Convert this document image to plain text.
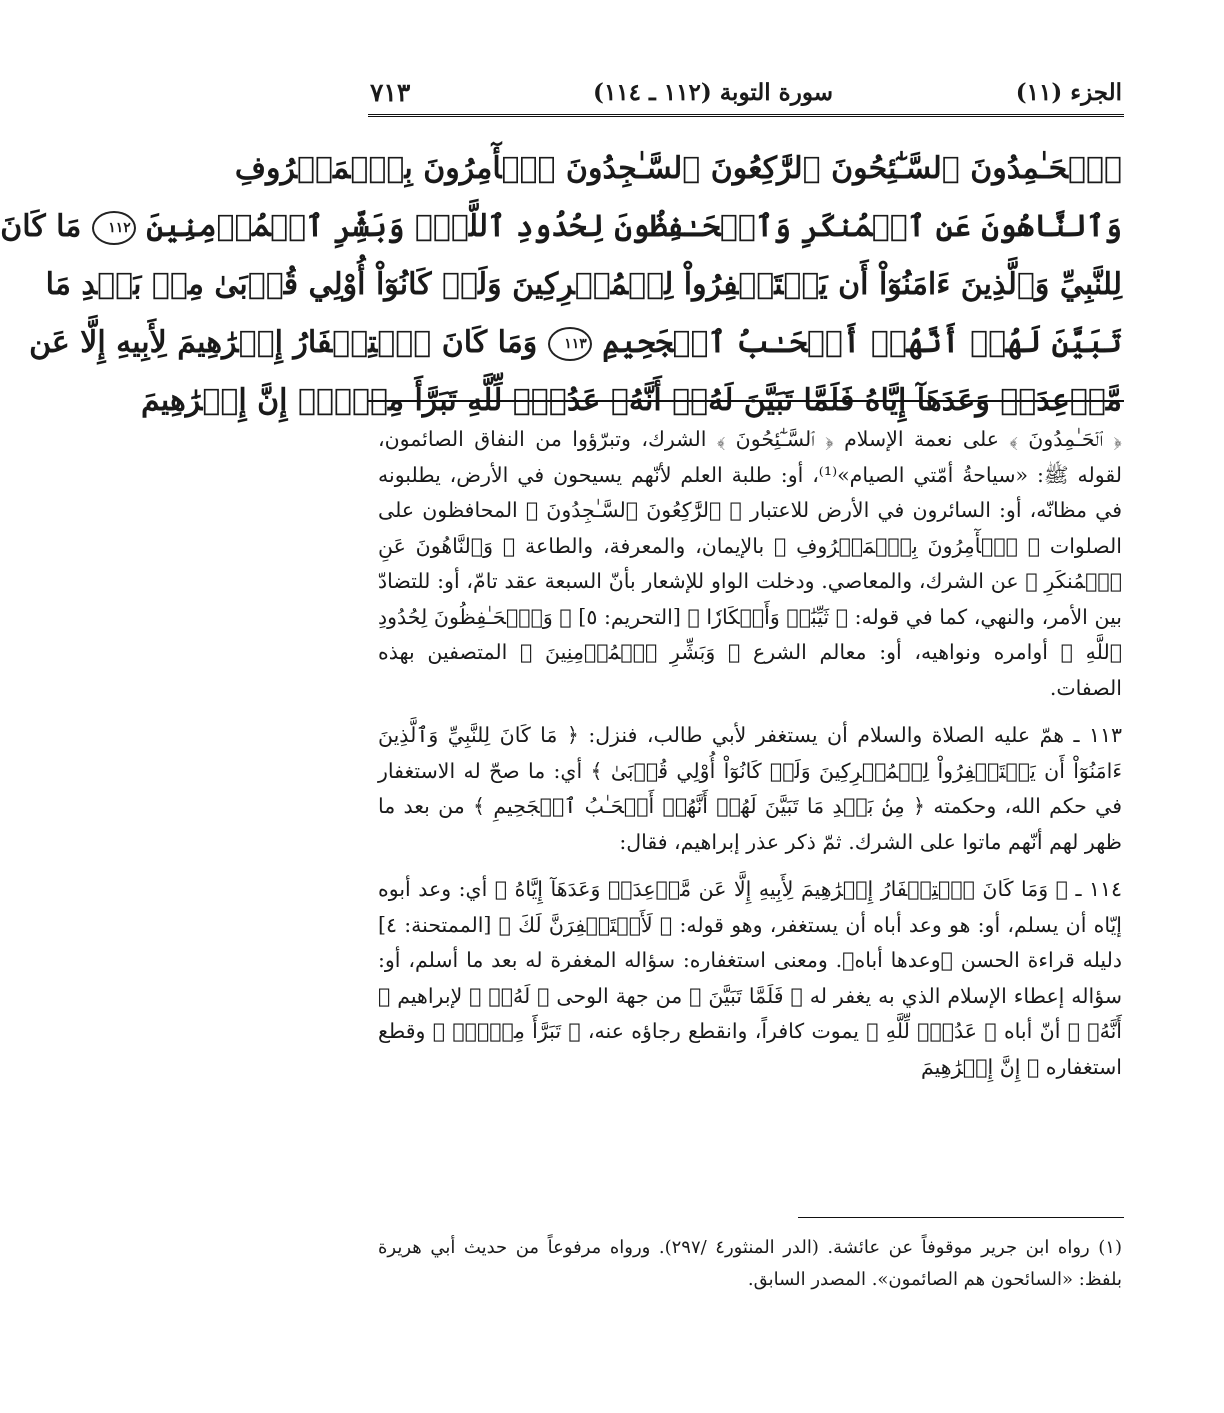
الجزء (١١)
سورة التوبة (١١٢ ـ ١١٤)
٧١٣
ٱلۡحَـٰمِدُونَ ٱلسَّـٰٓئِحُونَ ٱلرَّٰكِعُونَ ٱلسَّـٰجِدُونَ ٱلۡأٓمِرُونَ بِٱلۡمَعۡرُوفِ
وَٱلنَّاهُونَ عَنِ ٱلۡمُنكَرِ وَٱلۡحَـٰفِظُونَ لِحُدُودِ ٱللَّهِۗ وَبَشِّرِ ٱلۡمُؤۡمِنِينَ ١١٢ مَا كَانَ
لِلنَّبِيِّ وَٱلَّذِينَ ءَامَنُوٓاْ أَن يَسۡتَغۡفِرُواْ لِلۡمُشۡرِكِينَ وَلَوۡ كَانُوٓاْ أُوْلِي قُرۡبَىٰ مِنۢ بَعۡدِ مَا
تَبَيَّنَ لَهُمۡ أَنَّهُمۡ أَصۡحَـٰبُ ٱلۡجَحِيمِ ١١٣ وَمَا كَانَ ٱسۡتِغۡفَارُ إِبۡرَٰهِيمَ لِأَبِيهِ إِلَّا عَن
مَّوۡعِدَةٖ وَعَدَهَآ إِيَّاهُ فَلَمَّا تَبَيَّنَ لَهُۥٓ أَنَّهُۥ عَدُوّٞ لِّلَّهِ تَبَرَّأَ مِنۡهُۚ إِنَّ إِبۡرَٰهِيمَ

﴿ ٱلۡحَـٰمِدُونَ ﴾ على نعمة الإسلام ﴿ ٱلسَّـٰٓئِحُونَ ﴾ الشرك، وتبرّؤوا من النفاق الصائمون، لقوله ﷺ: «سياحةُ أمّتي الصيام»⁽¹⁾، أو: طلبة العلم لأنّهم يسيحون في الأرض، يطلبونه في مظانّه، أو: السائرون في الأرض للاعتبار ﴿ ٱلرَّٰكِعُونَ ٱلسَّـٰجِدُونَ ﴾ المحافظون على الصلوات ﴿ ٱلۡأٓمِرُونَ بِٱلۡمَعۡرُوفِ ﴾ بالإيمان، والمعرفة، والطاعة ﴿ وَٱلنَّاهُونَ عَنِ ٱلۡمُنكَرِ ﴾ عن الشرك، والمعاصي. ودخلت الواو للإشعار بأنّ السبعة عقد تامّ، أو: للتضادّ بين الأمر، والنهي، كما في قوله: ﴿ ثَيِّبَٰتٖ وَأَبۡكَارٗا ﴾ [التحريم: ٥] ﴿ وَٱلۡحَـٰفِظُونَ لِحُدُودِ ٱللَّهِ ﴾ أوامره ونواهيه، أو: معالم الشرع ﴿ وَبَشِّرِ ٱلۡمُؤۡمِنِينَ ﴾ المتصفين بهذه الصفات.

١١٣ ـ همّ عليه الصلاة والسلام أن يستغفر لأبي طالب، فنزل: ﴿ مَا كَانَ لِلنَّبِيِّ وَٱلَّذِينَ ءَامَنُوٓاْ أَن يَسۡتَغۡفِرُواْ لِلۡمُشۡرِكِينَ وَلَوۡ كَانُوٓاْ أُوْلِي قُرۡبَىٰ ﴾ أي: ما صحّ له الاستغفار في حكم الله، وحكمته ﴿ مِنۢ بَعۡدِ مَا تَبَيَّنَ لَهُمۡ أَنَّهُمۡ أَصۡحَـٰبُ ٱلۡجَحِيمِ ﴾ من بعد ما ظهر لهم أنّهم ماتوا على الشرك. ثمّ ذكر عذر إبراهيم، فقال:

١١٤ ـ ﴿ وَمَا كَانَ ٱسۡتِغۡفَارُ إِبۡرَٰهِيمَ لِأَبِيهِ إِلَّا عَن مَّوۡعِدَةٖ وَعَدَهَآ إِيَّاهُ ﴾ أي: وعد أبوه إيّاه أن يسلم، أو: هو وعد أباه أن يستغفر، وهو قوله: ﴿ لَأَسۡتَغۡفِرَنَّ لَكَ ﴾ [الممتحنة: ٤] دليله قراءة الحسن ﴿وعدها أباه﴾. ومعنى استغفاره: سؤاله المغفرة له بعد ما أسلم، أو: سؤاله إعطاء الإسلام الذي به يغفر له ﴿ فَلَمَّا تَبَيَّنَ ﴾ من جهة الوحى ﴿ لَهُۥٓ ﴾ لإبراهيم ﴿ أَنَّهُۥ ﴾ أنّ أباه ﴿ عَدُوّٞ لِّلَّهِ ﴾ يموت كافراً، وانقطع رجاؤه عنه، ﴿ تَبَرَّأَ مِنۡهُۚ ﴾ وقطع استغفاره ﴿ إِنَّ إِبۡرَٰهِيمَ

(١) رواه ابن جرير موقوفاً عن عائشة. (الدر المنثور٤ /٢٩٧). ورواه مرفوعاً من حديث أبي هريرة بلفظ: «السائحون هم الصائمون». المصدر السابق.
